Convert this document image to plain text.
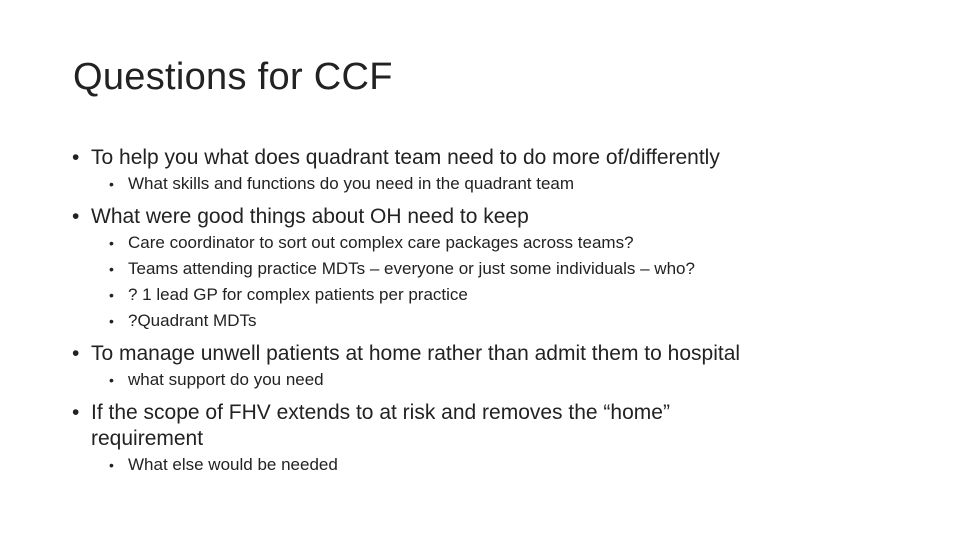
Questions for CCF
• To help you what does quadrant team need to do more of/differently
• What skills and functions do you need in the quadrant team
• What were good things about OH need to keep
• Care coordinator to sort out complex care packages across teams?
• Teams attending practice MDTs – everyone or just some individuals – who?
• ? 1 lead GP for complex patients per practice
• ?Quadrant MDTs
• To manage unwell patients at home rather than admit them to hospital
• what support do you need
• If the scope of FHV extends to at risk and removes the “home” requirement
• What else would be needed
